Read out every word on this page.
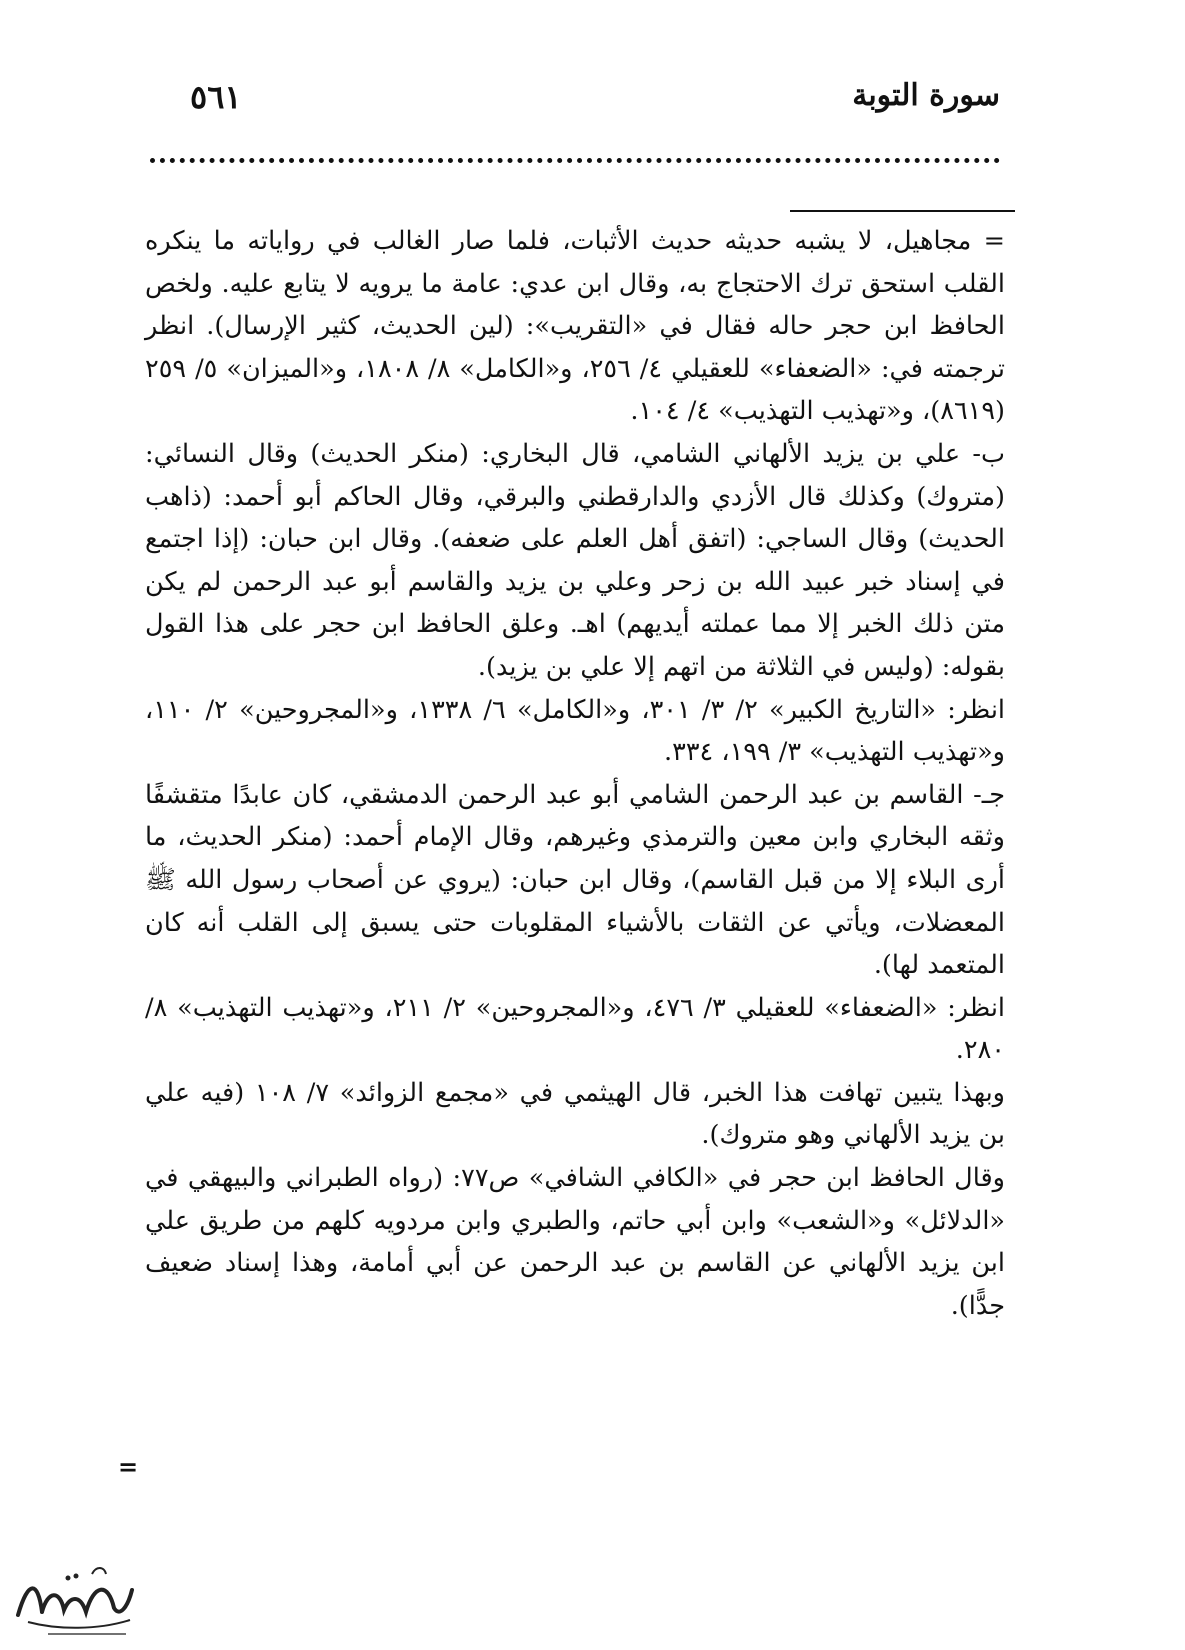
سورة التوبة
٥٦١

= مجاهيل، لا يشبه حديثه حديث الأثبات، فلما صار الغالب في رواياته ما ينكره القلب استحق ترك الاحتجاج به، وقال ابن عدي: عامة ما يرويه لا يتابع عليه. ولخص الحافظ ابن حجر حاله فقال في «التقريب»: (لين الحديث، كثير الإرسال). انظر ترجمته في: «الضعفاء» للعقيلي ٤/ ٢٥٦، و«الكامل» ٨/ ١٨٠٨، و«الميزان» ٥/ ٢٥٩ (٨٦١٩)، و«تهذيب التهذيب» ٤/ ١٠٤.

ب- علي بن يزيد الألهاني الشامي، قال البخاري: (منكر الحديث) وقال النسائي: (متروك) وكذلك قال الأزدي والدارقطني والبرقي، وقال الحاكم أبو أحمد: (ذاهب الحديث) وقال الساجي: (اتفق أهل العلم على ضعفه). وقال ابن حبان: (إذا اجتمع في إسناد خبر عبيد الله بن زحر وعلي بن يزيد والقاسم أبو عبد الرحمن لم يكن متن ذلك الخبر إلا مما عملته أيديهم) اهـ. وعلق الحافظ ابن حجر على هذا القول بقوله: (وليس في الثلاثة من اتهم إلا علي بن يزيد).

انظر: «التاريخ الكبير» ٢/ ٣/ ٣٠١، و«الكامل» ٦/ ١٣٣٨، و«المجروحين» ٢/ ١١٠، و«تهذيب التهذيب» ٣/ ١٩٩، ٣٣٤.

جـ- القاسم بن عبد الرحمن الشامي أبو عبد الرحمن الدمشقي، كان عابدًا متقشفًا وثقه البخاري وابن معين والترمذي وغيرهم، وقال الإمام أحمد: (منكر الحديث، ما أرى البلاء إلا من قبل القاسم)، وقال ابن حبان: (يروي عن أصحاب رسول الله ﷺ المعضلات، ويأتي عن الثقات بالأشياء المقلوبات حتى يسبق إلى القلب أنه كان المتعمد لها).

انظر: «الضعفاء» للعقيلي ٣/ ٤٧٦، و«المجروحين» ٢/ ٢١١، و«تهذيب التهذيب» ٨/ ٢٨٠.

وبهذا يتبين تهافت هذا الخبر، قال الهيثمي في «مجمع الزوائد» ٧/ ١٠٨ (فيه علي بن يزيد الألهاني وهو متروك).

وقال الحافظ ابن حجر في «الكافي الشافي» ص٧٧: (رواه الطبراني والبيهقي في «الدلائل» و«الشعب» وابن أبي حاتم، والطبري وابن مردويه كلهم من طريق علي ابن يزيد الألهاني عن القاسم بن عبد الرحمن عن أبي أمامة، وهذا إسناد ضعيف جدًّا).

=
